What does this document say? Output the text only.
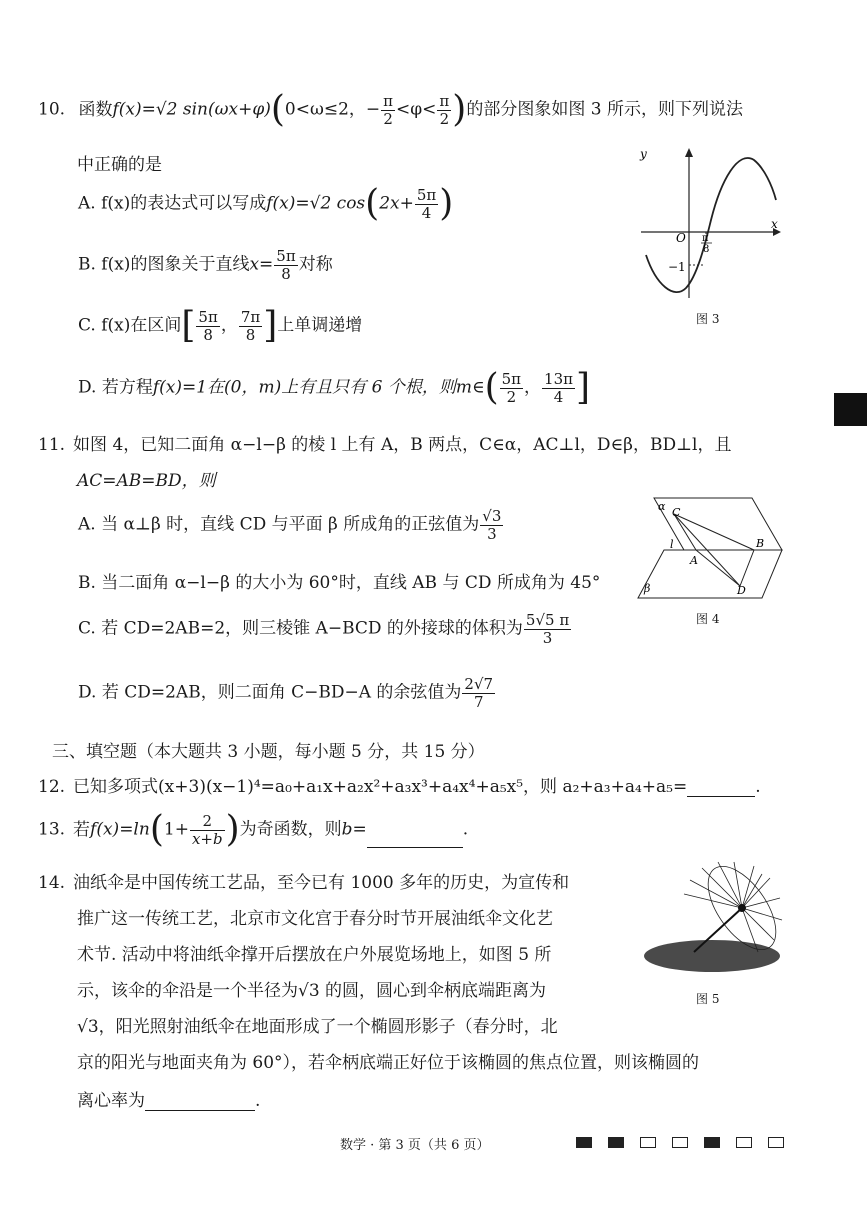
10. 函数f(x)=√2 sin(ωx+φ)(0<ω≤2，− $\frac{\pi}{2} <\varphi< \frac{\pi}{2}$ )的部分图象如图 3 所示，则下列说法
中正确的是
A. f(x)的表达式可以写成f(x)=√2 $\cos(2x+ \frac{5\pi}{4}$ )
B. f(x)的图象关于直线$x= \frac{5\pi}{8}$ 对称
C. f(x)在区间[ $\frac{5\pi}{8}$ ， $\frac{7\pi}{8}$ ]上单调递增
D. 若方程f(x)=1在(0，m)上有且只有 6 个根，则m∈( $\frac{5\pi}{2}$ ， $\frac{13\pi}{4}$ ]
y
x
O
−1
π
8
图 3
11. 如图 4，已知二面角 α−l−β 的棱 l 上有 A，B 两点，C∈α，AC⊥l，D∈β，BD⊥l，且
AC=AB=BD，则
A. 当 α⊥β 时，直线 CD 与平面 β 所成角的正弦值为 $\frac{√3}{3}$
B. 当二面角 α−l−β 的大小为 60°时，直线 AB 与 CD 所成角为 45°
C. 若 CD=2AB=2，则三棱锥 A−BCD 的外接球的体积为 $\frac{5√5 \pi}{3}$
D. 若 CD=2AB，则二面角 C−BD−A 的余弦值为 $\frac{2√7}{7}$
α
β
C
l
A
B
D
图 4
三、填空题（本大题共 3 小题，每小题 5 分，共 15 分）
12. 已知多项式(x+3)(x−1)⁴=a₀+a₁x+a₂x²+a₃x³+a₄x⁴+a₅x⁵，则 a₂+a₃+a₄+a₅=	.
13. 若$f(x)=\ln(1+ \frac{2}{x+b}$ )为奇函数，则b=	.
14. 油纸伞是中国传统工艺品，至今已有 1000 多年的历史，为宣传和
推广这一传统工艺，北京市文化宫于春分时节开展油纸伞文化艺
术节. 活动中将油纸伞撑开后摆放在户外展览场地上，如图 5 所
示，该伞的伞沿是一个半径为√3 的圆，圆心到伞柄底端距离为
√3，阳光照射油纸伞在地面形成了一个椭圆形影子（春分时，北
京的阳光与地面夹角为 60°），若伞柄底端正好位于该椭圆的焦点位置，则该椭圆的
离心率为	.
图 5
数学 · 第 3 页（共 6 页）
